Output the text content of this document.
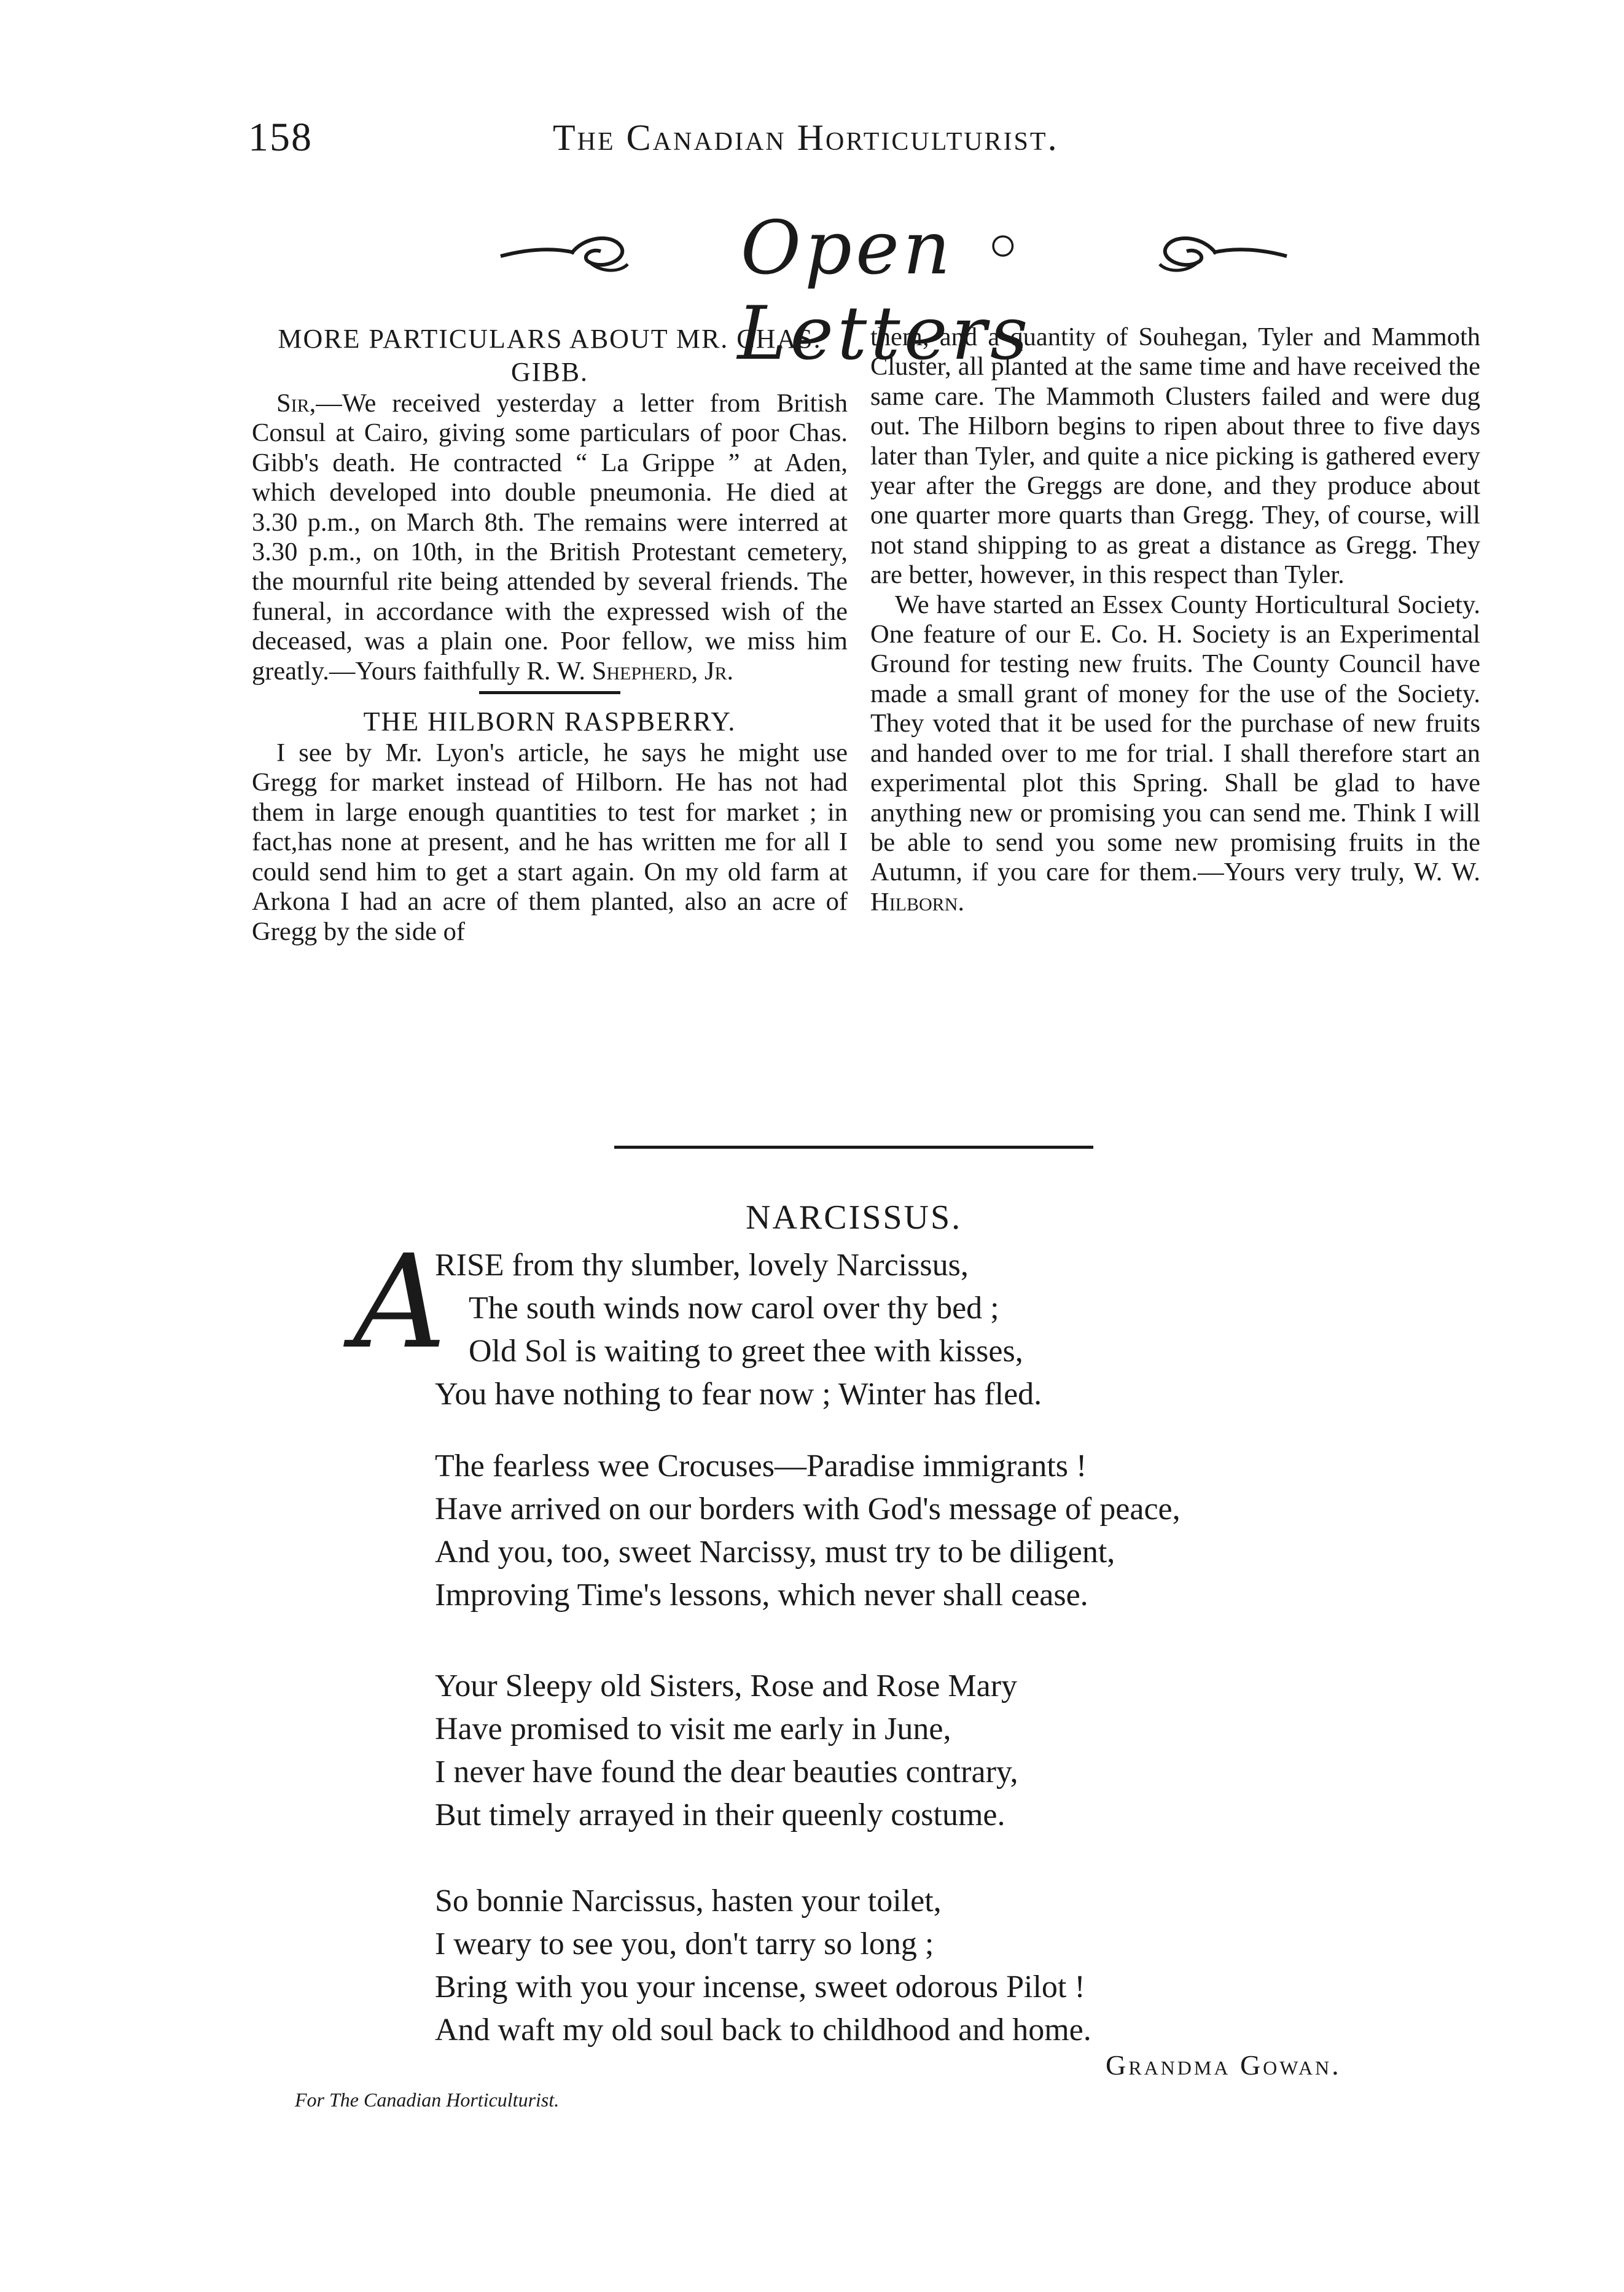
158	The Canadian Horticulturist.
Open ◦ Letters
MORE PARTICULARS ABOUT MR. CHAS. GIBB.

Sir,—We received yesterday a letter from British Consul at Cairo, giving some particulars of poor Chas. Gibb's death. He contracted “ La Grippe ” at Aden, which developed into double pneumonia. He died at 3.30 p.m., on March 8th. The remains were interred at 3.30 p.m., on 10th, in the British Protestant cemetery, the mournful rite being attended by several friends. The funeral, in accordance with the expressed wish of the deceased, was a plain one. Poor fellow, we miss him greatly.—Yours faithfully R. W. Shepherd, Jr.

THE HILBORN RASPBERRY.

I see by Mr. Lyon's article, he says he might use Gregg for market instead of Hilborn. He has not had them in large enough quantities to test for market ; in fact,has none at present, and he has written me for all I could send him to get a start again. On my old farm at Arkona I had an acre of them planted, also an acre of Gregg by the side of

them, and a quantity of Souhegan, Tyler and Mammoth Cluster, all planted at the same time and have received the same care. The Mammoth Clusters failed and were dug out. The Hilborn begins to ripen about three to five days later than Tyler, and quite a nice picking is gathered every year after the Greggs are done, and they produce about one quarter more quarts than Gregg. They, of course, will not stand shipping to as great a distance as Gregg. They are better, however, in this respect than Tyler.

We have started an Essex County Horticultural Society. One feature of our E. Co. H. Society is an Experimental Ground for testing new fruits. The County Council have made a small grant of money for the use of the Society. They voted that it be used for the purchase of new fruits and handed over to me for trial. I shall therefore start an experimental plot this Spring. Shall be glad to have anything new or promising you can send me. Think I will be able to send you some new promising fruits in the Autumn, if you care for them.—Yours very truly, W. W. Hilborn.

NARCISSUS.
A
RISE from thy slumber, lovely Narcissus,
The south winds now carol over thy bed ;
Old Sol is waiting to greet thee with kisses,
You have nothing to fear now ; Winter has fled.
The fearless wee Crocuses—Paradise immigrants !
Have arrived on our borders with God's message of peace,
And you, too, sweet Narcissy, must try to be diligent,
Improving Time's lessons, which never shall cease.
Your Sleepy old Sisters, Rose and Rose Mary
Have promised to visit me early in June,
I never have found the dear beauties contrary,
But timely arrayed in their queenly costume.
So bonnie Narcissus, hasten your toilet,
I weary to see you, don't tarry so long ;
Bring with you your incense, sweet odorous Pilot !
And waft my old soul back to childhood and home.
Grandma Gowan.
For The Canadian Horticulturist.
